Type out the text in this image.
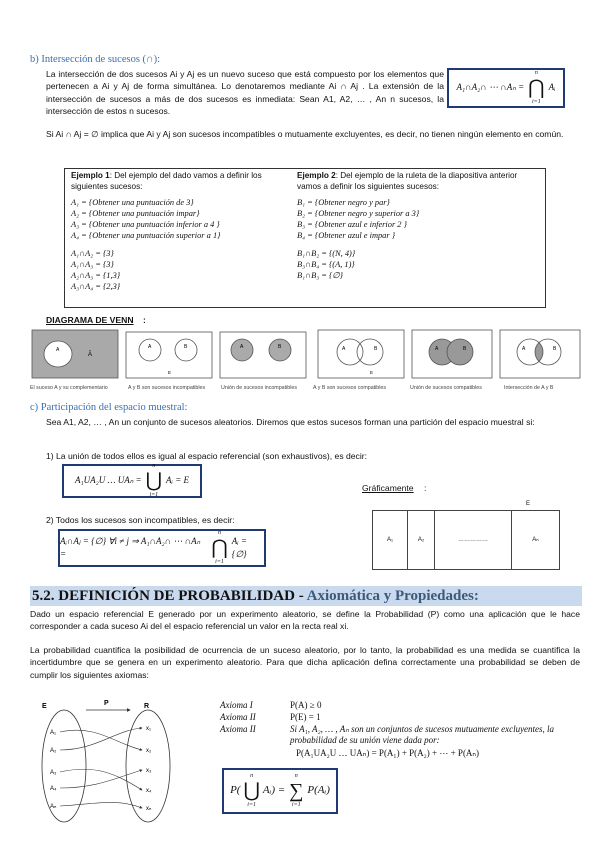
b) Intersección de sucesos (∩):
La intersección de dos sucesos Ai y Aj es un nuevo suceso que está compuesto por los elementos que pertenecen a Ai y Aj de forma simultánea. Lo denotaremos mediante Ai ∩ Aj . La extensión de la intersección de sucesos a más de dos sucesos es inmediata: Sean A1, A2, … , An n sucesos, la intersección de estos n sucesos.
A₁∩A₂∩ ⋯ ∩Aₙ =
n
⋂
i=1
Aᵢ
Si Ai ∩ Aj = ∅ implica que Ai y Aj son sucesos incompatibles o mutuamente excluyentes, es decir, no tienen ningún elemento en común.
Ejemplo 1: Del ejemplo del dado vamos a definir los siguientes sucesos:
A₁ = {Obtener una puntuación de 3}
A₂ = {Obtener una puntuación impar}
A₃ = {Obtener una puntuación inferior a 4 }
A₄ = {Obtener una puntuación superior a 1}
A₁∩A₂ = {3}
A₁∩A₃ = {3}
A₂∩A₃ = {1,3}
A₃∩A₄ = {2,3}
Ejemplo 2: Del ejemplo de la ruleta de la diapositiva anterior vamos a definir los siguientes sucesos:
B₁ = {Obtener negro y par}
B₂ = {Obtener negro y superior a 3}
B₃ = {Obtener azul e inferior 2 }
B₄ = {Obtener azul e impar }
B₁∩B₂ = {(N, 4)}
B₃∩B₄ = {(A, 1)}
B₁∩B₃ = {∅}
DIAGRAMA DE VENN :
A
Ā
A	B
E
A	B	A	B
E
A	B	A	B
El suceso A y su complementario	A y B son sucesos incompatibles	Unión de sucesos incompatibles	A y B son sucesos compatibles	Unión de sucesos compatibles	Intersección de A y B
c) Participación del espacio muestral:
Sea A1, A2, … , An un conjunto de sucesos aleatorios. Diremos que estos sucesos forman una partición del espacio muestral si:
1) La unión de todos ellos es igual al espacio referencial (son exhaustivos), es decir:
A₁UA₂U … UAₙ =
n
⋃
i=1
Aᵢ = E
Gráficamente :
2) Todos los sucesos son incompatibles, es decir:
Aᵢ∩Aⱼ = {∅} ∀i ≠ j ⇒ A₁∩A₂∩ ⋯ ∩Aₙ =
n
⋂
i=1
Aᵢ = {∅}
E
A₁	A₂	……………	Aₙ
5.2. DEFINICIÓN DE PROBABILIDAD - Axiomática y Propiedades:
Dado un espacio referencial E generado por un experimento aleatorio, se define la Probabilidad (P) como una aplicación que le hace corresponder a cada suceso Ai del el espacio referencial un valor en la recta real xi.
La probabilidad cuantifica la posibilidad de ocurrencia de un suceso aleatorio, por lo tanto, la probabilidad es una medida se cuantifica la incertidumbre que se genera en un experimento aleatorio. Para que dicha aplicación defina correctamente una probabilidad se deben de cumplir los siguientes axiomas:
E	R
P
A₁
A₂
A₃
A₄
Aₙ
x₁
x₂
x₃
x₄
xₙ
Axioma I	P(A) ≥ 0
Axioma II	P(E) = 1
Axioma II	Si A₁, A₂, … , Aₙ son un conjuntos de sucesos mutuamente excluyentes, la probabilidad de su unión viene dada por:
P(A₁UA₂U … UAₙ) = P(A₁) + P(A₂) + ⋯ + P(Aₙ)
P(
n
⋃
i=1
Aᵢ) =
n
∑
i=1
P(Aᵢ)
